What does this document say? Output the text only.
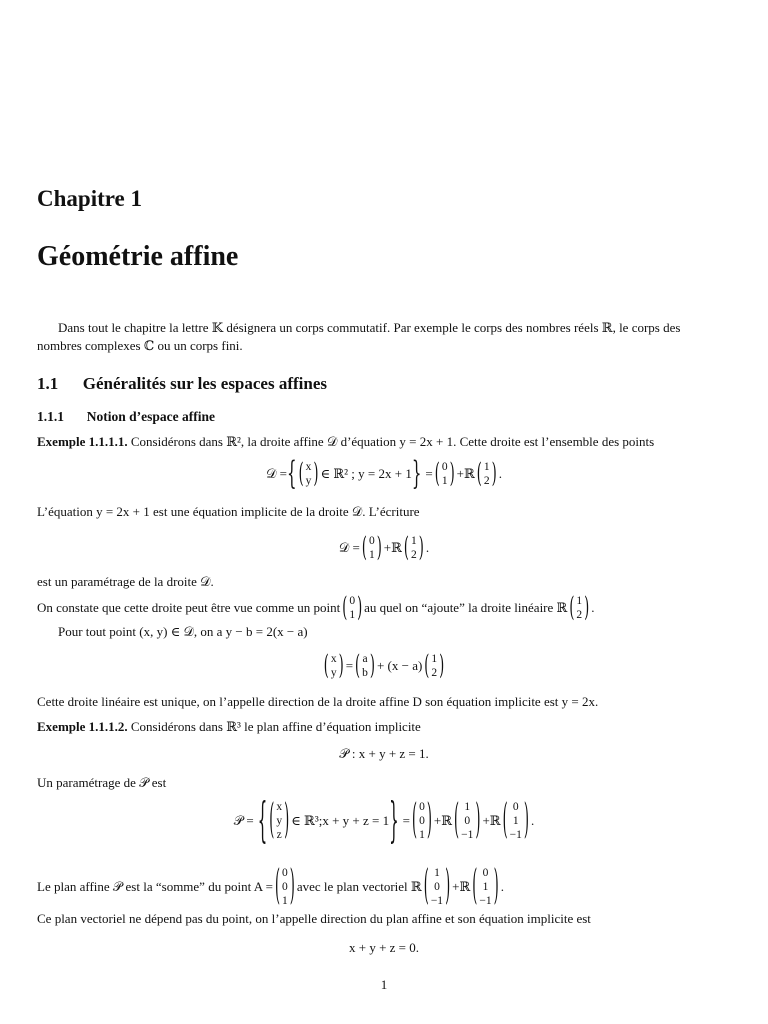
Chapitre 1
Géométrie affine
Dans tout le chapitre la lettre 𝕂 désignera un corps commutatif. Par exemple le corps des nombres réels ℝ, le corps des
nombres complexes ℂ ou un corps fini.
1.1 Généralités sur les espaces affines
1.1.1 Notion d’espace affine
Exemple 1.1.1.1. Considérons dans ℝ², la droite affine 𝒟 d’équation y = 2x + 1. Cette droite est l’ensemble des points
𝒟 = { ( x
y ) ∈ ℝ² ; y = 2x + 1 } = ( 0
1 ) +ℝ ( 1
2 ) .
L’équation y = 2x + 1 est une équation implicite de la droite 𝒟. L’écriture
𝒟 = ( 0
1 ) +ℝ ( 1
2 ) .
est un paramétrage de la droite 𝒟.
On constate que cette droite peut être vue comme un point ( 0
1 ) au quel on “ajoute” la droite linéaire ℝ ( 1
2 ) .
Pour tout point (x, y) ∈ 𝒟, on a y − b = 2(x − a)
( x
y ) = ( a
b ) + (x − a) ( 1
2 )
Cette droite linéaire est unique, on l’appelle direction de la droite affine D son équation implicite est y = 2x.
Exemple 1.1.1.2. Considérons dans ℝ³ le plan affine d’équation implicite
𝒫 : x + y + z = 1.
Un paramétrage de 𝒫 est
𝒫 = { ( x
y
z ) ∈ ℝ³;x + y + z = 1 } = ( 0
0
1 ) +ℝ ( 1
0
−1 ) +ℝ ( 0
1
−1 ) .
Le plan affine 𝒫 est la “somme” du point A = ( 0
0
1 ) avec le plan vectoriel ℝ ( 1
0
−1 ) +ℝ ( 0
1
−1 ) .
Ce plan vectoriel ne dépend pas du point, on l’appelle direction du plan affine et son équation implicite est
x + y + z = 0.
1
